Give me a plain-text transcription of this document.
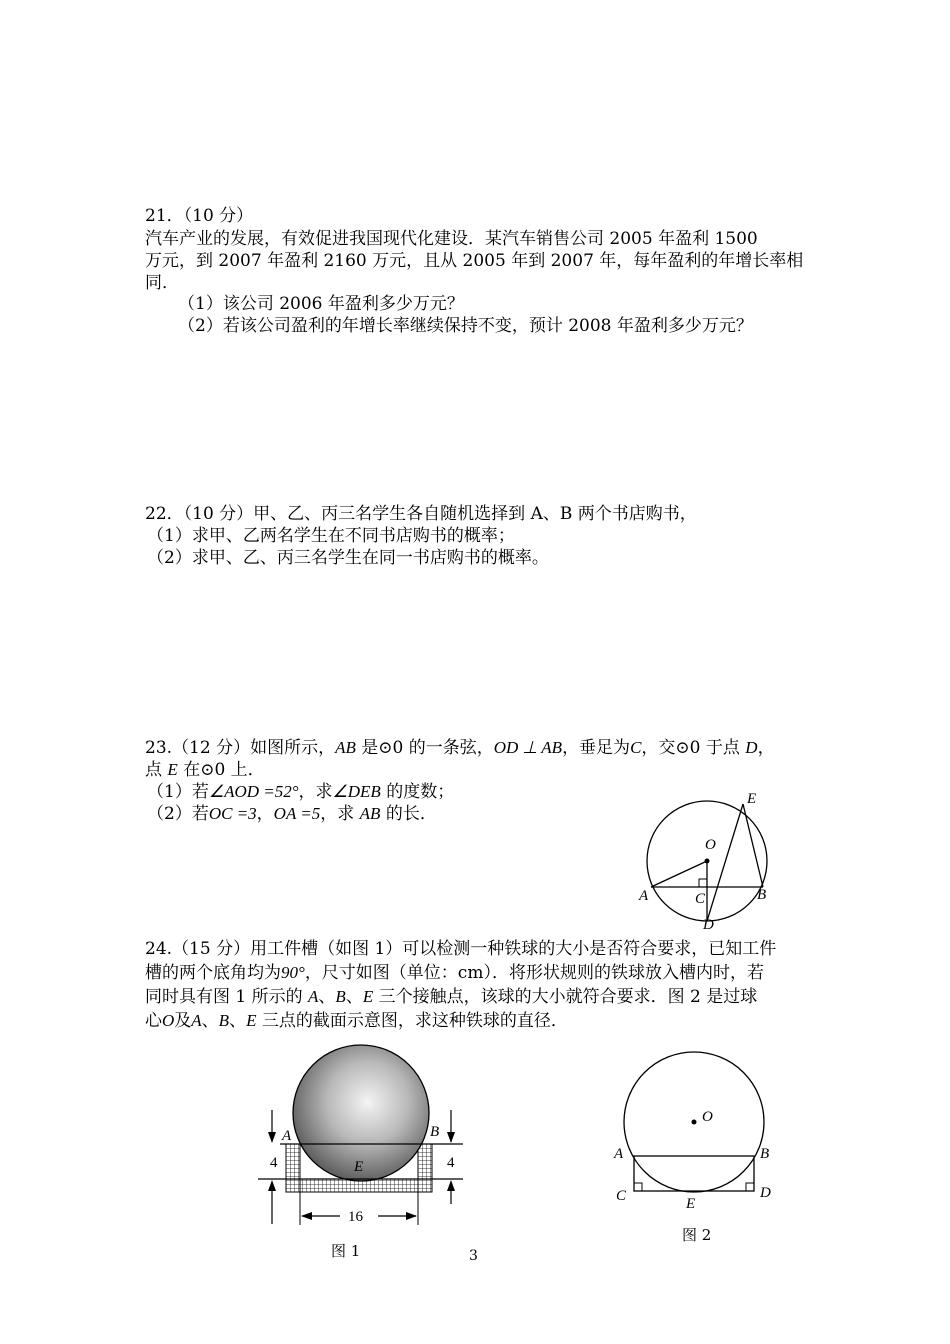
21．（10 分）
汽车产业的发展，有效促进我国现代化建设．某汽车销售公司 2005 年盈利 1500
万元，到 2007 年盈利 2160 万元，且从 2005 年到 2007 年，每年盈利的年增长率相
同．
（1）该公司 2006 年盈利多少万元？
（2）若该公司盈利的年增长率继续保持不变，预计 2008 年盈利多少万元？
22．（10 分）甲、乙、丙三名学生各自随机选择到 A、B 两个书店购书，
（1）求甲、乙两名学生在不同书店购书的概率；
（2）求甲、乙、丙三名学生在同一书店购书的概率。
23.（12 分）如图所示，AB 是⊙0 的一条弦，OD ⊥ AB，垂足为C，交⊙0 于点 D，
点 E 在⊙0 上．
（1）若∠AOD =52°，求∠DEB 的度数；
（2）若OC =3，OA =5，求 AB 的长．
E
O
A	B
C
D
24.（15 分）用工件槽（如图 1）可以检测一种铁球的大小是否符合要求，已知工件
槽的两个底角均为90°，尺寸如图（单位：cm）．将形状规则的铁球放入槽内时，若
同时具有图 1 所示的 A、B、E 三个接触点，该球的大小就符合要求．图 2 是过球
心O及A、B、E 三点的截面示意图，求这种铁球的直径．
A	B
E
4	4
16
图 1
O
A	B
C	D
E
图 2
3
